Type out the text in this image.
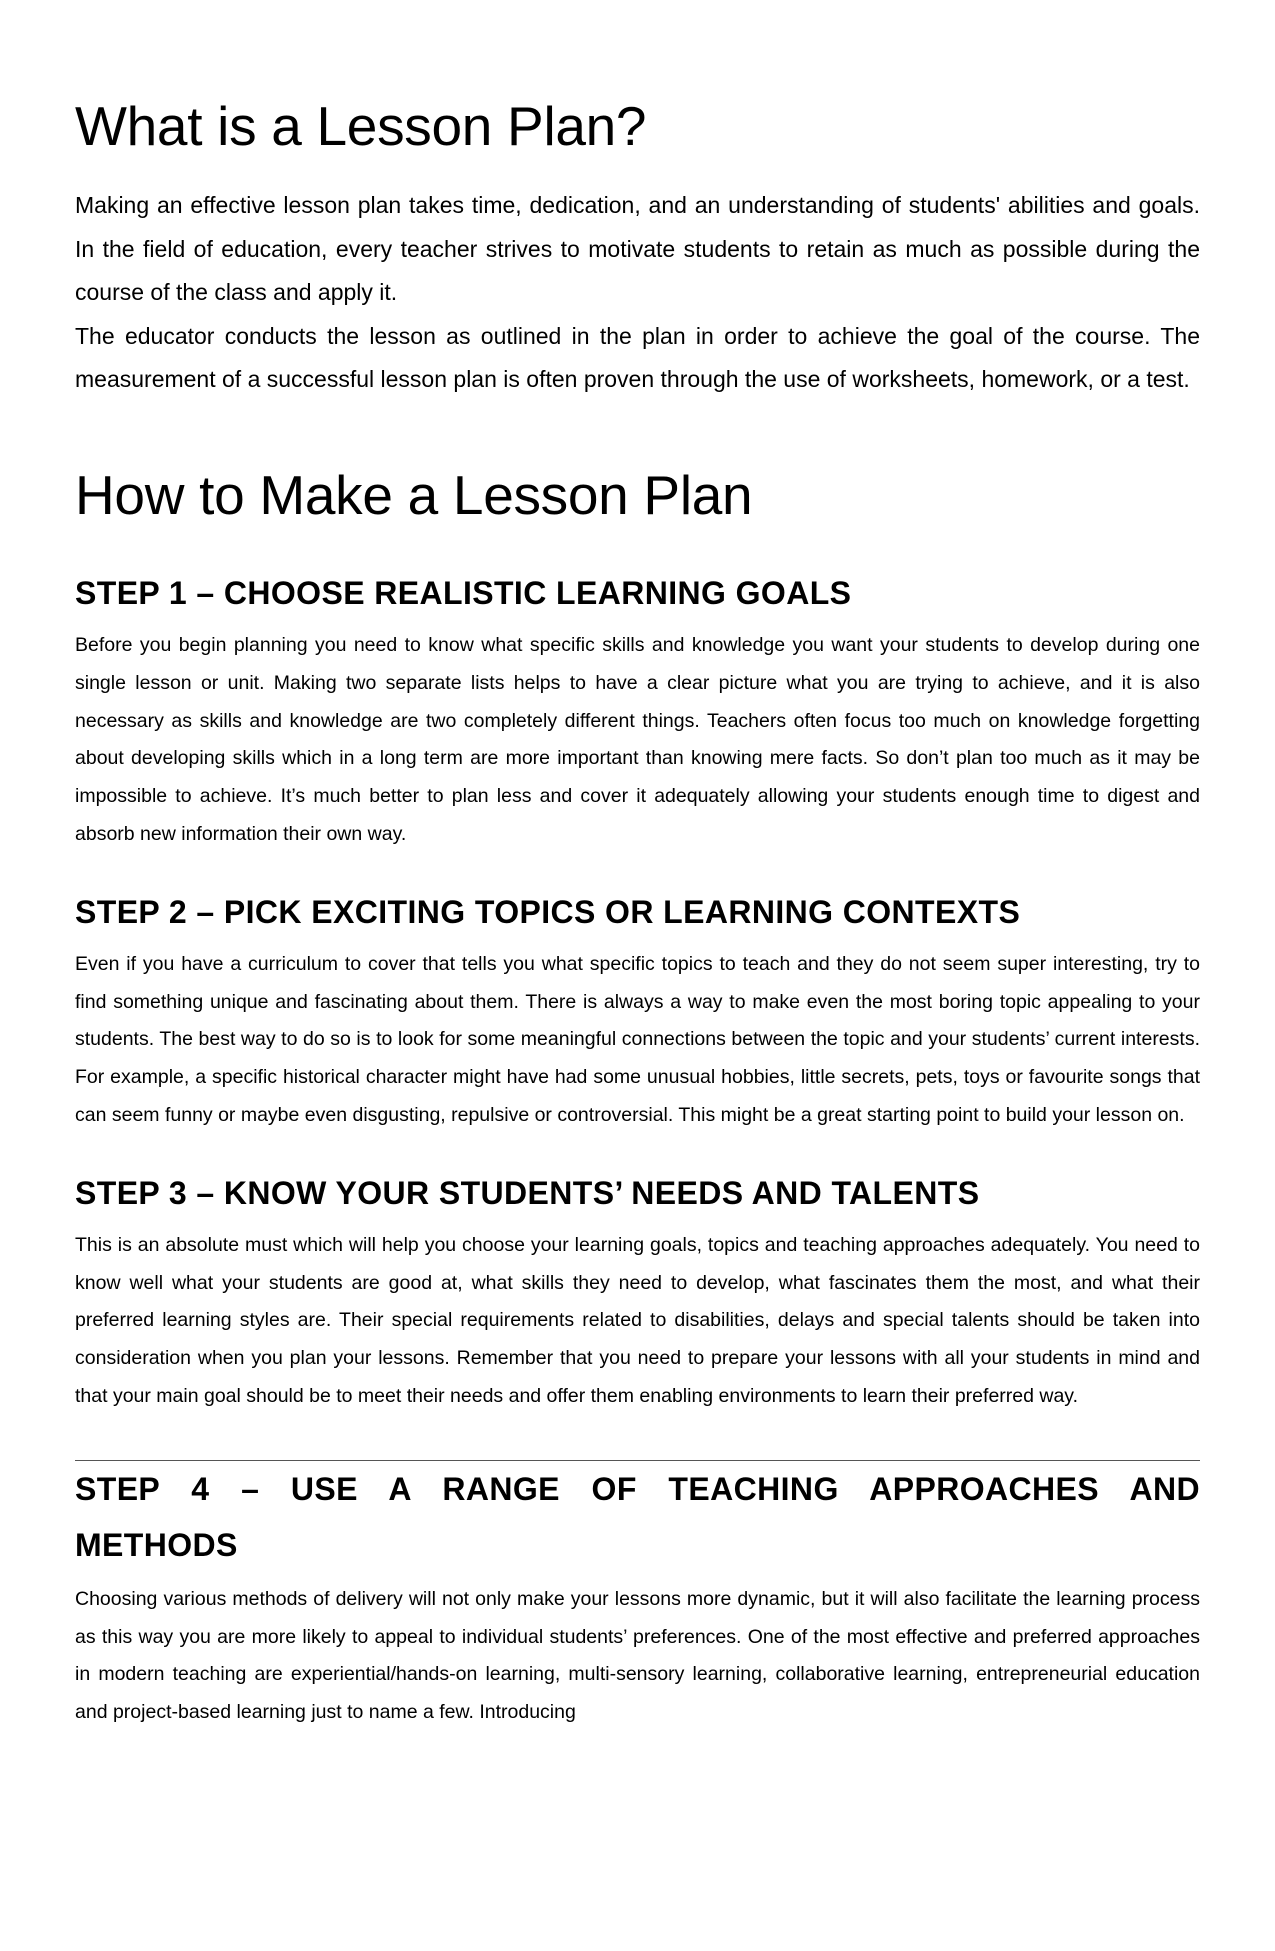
What is a Lesson Plan?

Making an effective lesson plan takes time, dedication, and an understanding of students' abilities and goals. In the field of education, every teacher strives to motivate students to retain as much as possible during the course of the class and apply it.

The educator conducts the lesson as outlined in the plan in order to achieve the goal of the course. The measurement of a successful lesson plan is often proven through the use of worksheets, homework, or a test.

How to Make a Lesson Plan
STEP 1 – CHOOSE REALISTIC LEARNING GOALS

Before you begin planning you need to know what specific skills and knowledge you want your students to develop during one single lesson or unit. Making two separate lists helps to have a clear picture what you are trying to achieve, and it is also necessary as skills and knowledge are two completely different things. Teachers often focus too much on knowledge forgetting about developing skills which in a long term are more important than knowing mere facts. So don’t plan too much as it may be impossible to achieve. It’s much better to plan less and cover it adequately allowing your students enough time to digest and absorb new information their own way.

STEP 2 – PICK EXCITING TOPICS OR LEARNING CONTEXTS

Even if you have a curriculum to cover that tells you what specific topics to teach and they do not seem super interesting, try to find something unique and fascinating about them. There is always a way to make even the most boring topic appealing to your students. The best way to do so is to look for some meaningful connections between the topic and your students’ current interests. For example, a specific historical character might have had some unusual hobbies, little secrets, pets, toys or favourite songs that can seem funny or maybe even disgusting, repulsive or controversial. This might be a great starting point to build your lesson on.

STEP 3 – KNOW YOUR STUDENTS’ NEEDS AND TALENTS

This is an absolute must which will help you choose your learning goals, topics and teaching approaches adequately. You need to know well what your students are good at, what skills they need to develop, what fascinates them the most, and what their preferred learning styles are. Their special requirements related to disabilities, delays and special talents should be taken into consideration when you plan your lessons. Remember that you need to prepare your lessons with all your students in mind and that your main goal should be to meet their needs and offer them enabling environments to learn their preferred way.

STEP 4 – USE A RANGE OF TEACHING APPROACHES AND METHODS

Choosing various methods of delivery will not only make your lessons more dynamic, but it will also facilitate the learning process as this way you are more likely to appeal to individual students’ preferences. One of the most effective and preferred approaches in modern teaching are experiential/hands-on learning, multi-sensory learning, collaborative learning, entrepreneurial education and project-based learning just to name a few. Introducing
